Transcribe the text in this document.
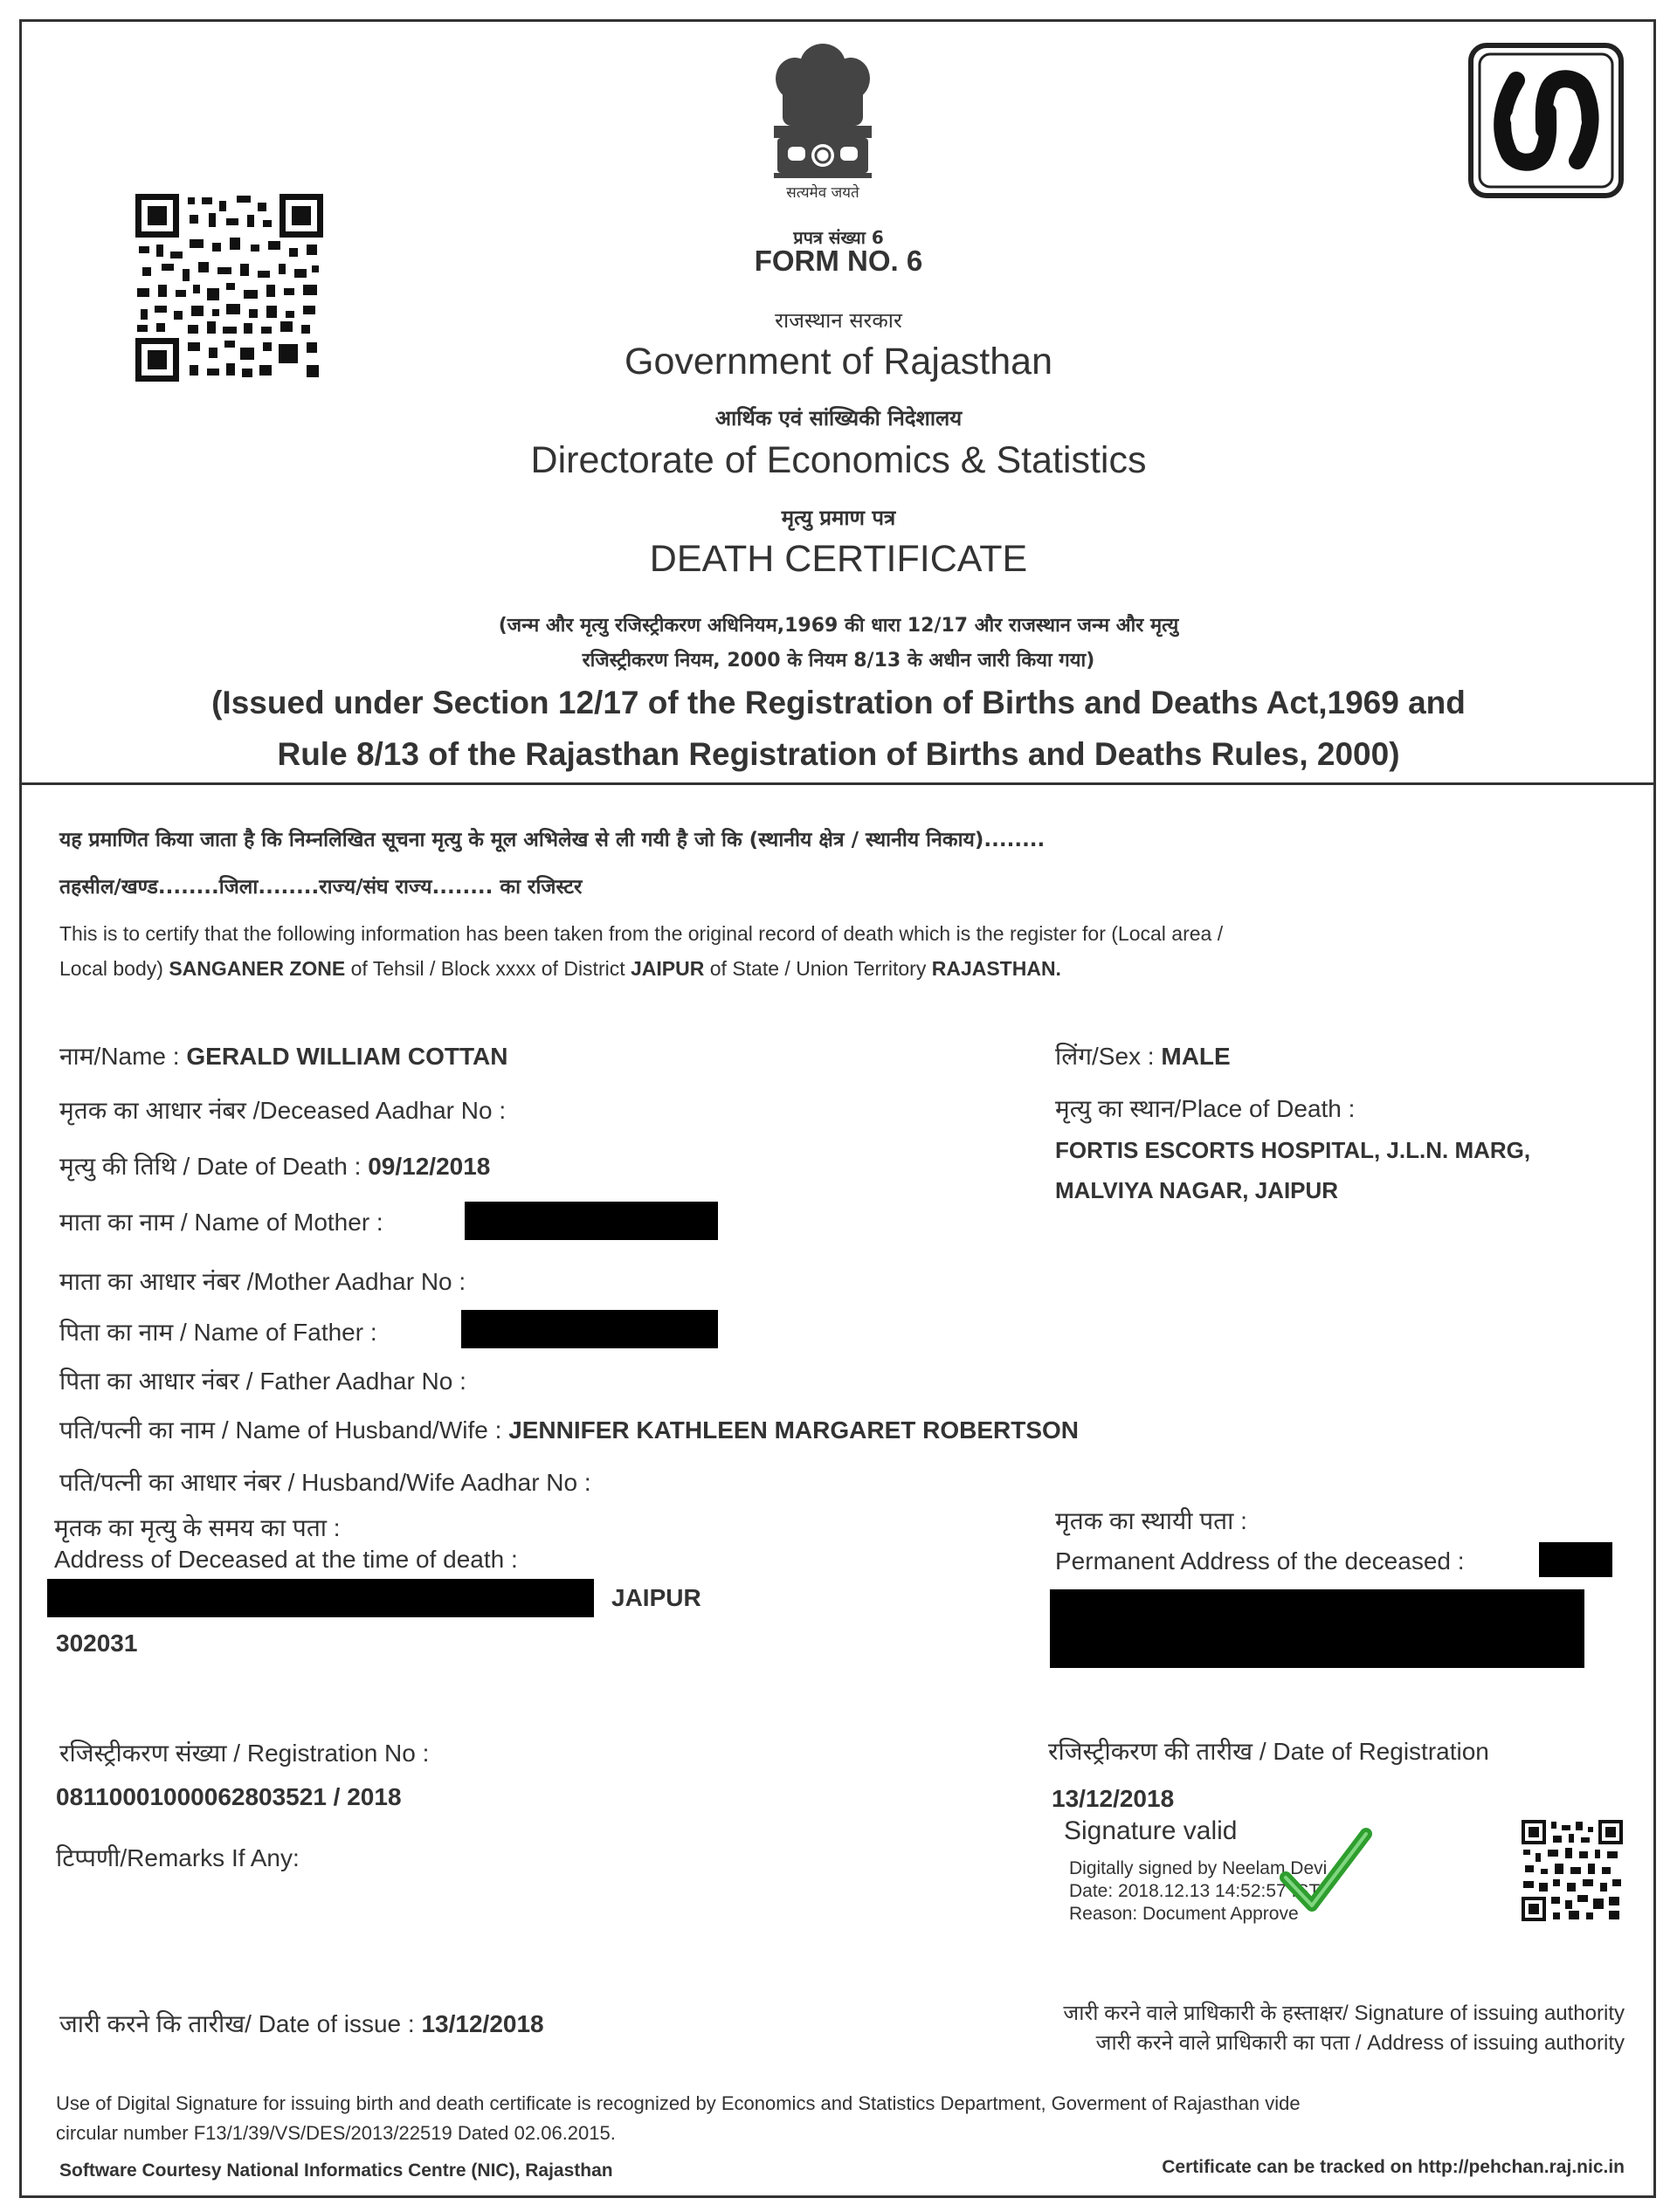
सत्यमेव जयते
प्रपत्र संख्या 6
FORM NO. 6
राजस्थान सरकार
Government of Rajasthan
आर्थिक एवं सांख्यिकी निदेशालय
Directorate of Economics & Statistics
मृत्यु प्रमाण पत्र
DEATH CERTIFICATE
(जन्म और मृत्यु रजिस्ट्रीकरण अधिनियम,1969 की धारा 12/17 और राजस्थान जन्म और मृत्यु
रजिस्ट्रीकरण नियम, 2000 के नियम 8/13 के अधीन जारी किया गया)
(Issued under Section 12/17 of the Registration of Births and Deaths Act,1969 and
Rule 8/13 of the Rajasthan Registration of Births and Deaths Rules, 2000)
यह प्रमाणित किया जाता है कि निम्नलिखित सूचना मृत्यु के मूल अभिलेख से ली गयी है जो कि (स्थानीय क्षेत्र / स्थानीय निकाय)........
तहसील/खण्ड........जिला........राज्य/संघ राज्य........ का रजिस्टर
This is to certify that the following information has been taken from the original record of death which is the register for (Local area /
Local body) SANGANER ZONE of Tehsil / Block xxxx of District JAIPUR of State / Union Territory RAJASTHAN.
नाम/Name : GERALD WILLIAM COTTAN
मृतक का आधार नंबर /Deceased Aadhar No :
मृत्यु की तिथि / Date of Death : 09/12/2018
माता का नाम / Name of Mother :
माता का आधार नंबर /Mother Aadhar No :
पिता का नाम / Name of Father :
पिता का आधार नंबर / Father Aadhar No :
पति/पत्नी का नाम / Name of Husband/Wife : JENNIFER KATHLEEN MARGARET ROBERTSON
पति/पत्नी का आधार नंबर / Husband/Wife Aadhar No :
मृतक का मृत्यु के समय का पता :
Address of Deceased at the time of death :
JAIPUR
302031
रजिस्ट्रीकरण संख्या / Registration No :
08110001000062803521 / 2018
टिप्पणी/Remarks If Any:
जारी करने कि तारीख/ Date of issue : 13/12/2018
लिंग/Sex : MALE
मृत्यु का स्थान/Place of Death :
FORTIS ESCORTS HOSPITAL, J.L.N. MARG,
MALVIYA NAGAR, JAIPUR
मृतक का स्थायी पता :
Permanent Address of the deceased :
रजिस्ट्रीकरण की तारीख / Date of Registration
13/12/2018
Signature valid
Digitally signed by Neelam Devi
Date: 2018.12.13 14:52:57 IST
Reason: Document Approve
जारी करने वाले प्राधिकारी के हस्ताक्षर/ Signature of issuing authority
जारी करने वाले प्राधिकारी का पता / Address of issuing authority
Use of Digital Signature for issuing birth and death certificate is recognized by Economics and Statistics Department, Goverment of Rajasthan vide
circular number F13/1/39/VS/DES/2013/22519 Dated 02.06.2015.
Software Courtesy National Informatics Centre (NIC), Rajasthan	Certificate can be tracked on http://pehchan.raj.nic.in
